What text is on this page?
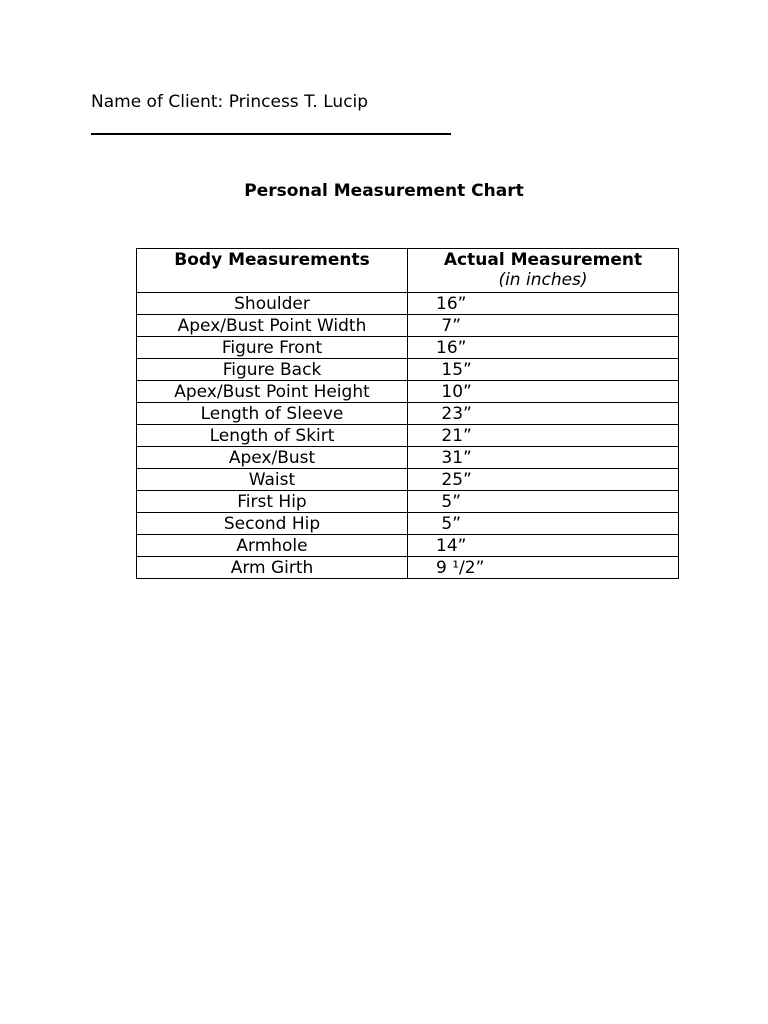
Name of Client: Princess T. Lucip
Personal Measurement Chart
Body Measurements	Actual Measurement
(in inches)

Shoulder	16”
Apex/Bust Point Width	7”
Figure Front	16”
Figure Back	15”
Apex/Bust Point Height	10”
Length of Sleeve	23”
Length of Skirt	21”
Apex/Bust	31”
Waist	25”
First Hip	5”
Second Hip	5”
Armhole	14”
Arm Girth	9 ¹/2”
